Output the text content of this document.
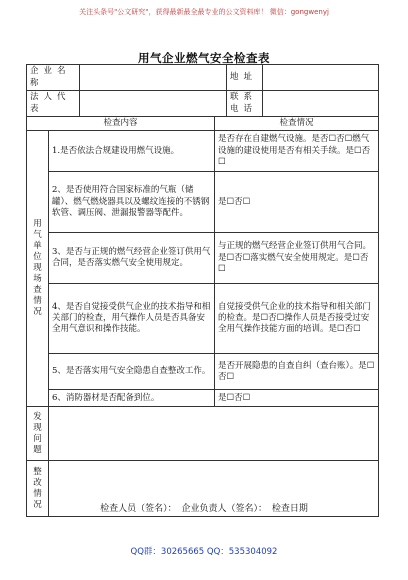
关注头条号"公文研究"，获得最新最全最专业的公文资料库！ 微信：gongwenyj
用气企业燃气安全检查表
企业名称				地址	
法人代表				联系电话	
检查内容			检查情况		

用气单位现场查情况	1.是否依法合规建设用燃气设施。		是否存在自建燃气设施。是否☐否☐燃气设施的建设使用是否有相关手续。是☐否☐		
	2、是否使用符合国家标准的气瓶（储罐）、燃气燃烧器具以及螺纹连接的不锈钢软管、调压阀、泄漏报警器等配件。		是☐否☐		
	3、是否与正规的燃气经营企业签订供用气合同，是否落实燃气安全使用规定。		与正规的燃气经营企业签订供用气合同。是☐否☐落实燃气安全使用规定。是☐否☐		
	4、是否自觉接受供气企业的技术指导和相关部门的检查，用气操作人员是否具备安全用气意识和操作技能。		自觉接受供气企业的技术指导和相关部门的检查。是☐否☐操作人员是否接受过安全用气操作技能方面的培训。是☐否☐		
	5、是否落实用气安全隐患自查整改工作。		是否开展隐患的自查自纠（查台账）。是☐否☐		
	6、消防器材是否配备到位。		是☐否☐		

发现问题					

整改情况					
		检查人员（签名）： 企业负责人（签名）： 检查日期
QQ群：30265665 QQ：535304092
